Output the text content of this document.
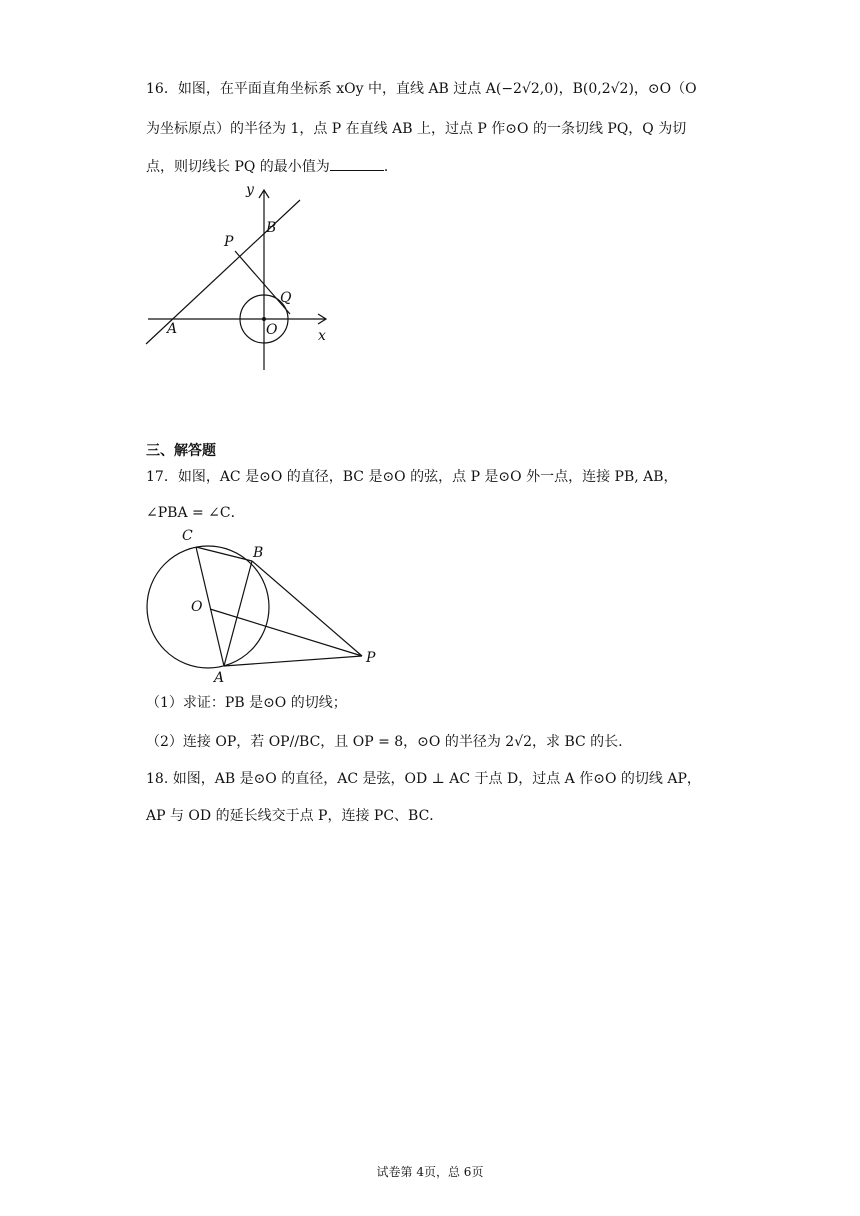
16．如图，在平面直角坐标系 xOy 中，直线 AB 过点 A(−2√2,0)，B(0,2√2)，⊙O（O
为坐标原点）的半径为 1，点 P 在直线 AB 上，过点 P 作⊙O 的一条切线 PQ，Q 为切
点，则切线长 PQ 的最小值为	．
y
B
P
Q
A	O	x
三、解答题
17．如图，AC 是⊙O 的直径，BC 是⊙O 的弦，点 P 是⊙O 外一点，连接 PB, AB，
∠PBA = ∠C．
C
B
O
A
P
（1）求证：PB 是⊙O 的切线；
（2）连接 OP，若 OP//BC，且 OP = 8，⊙O 的半径为 2√2，求 BC 的长.
18. 如图，AB 是⊙O 的直径，AC 是弦，OD ⊥ AC 于点 D，过点 A 作⊙O 的切线 AP，
AP 与 OD 的延长线交于点 P，连接 PC、BC．
试卷第 4页，总 6页
